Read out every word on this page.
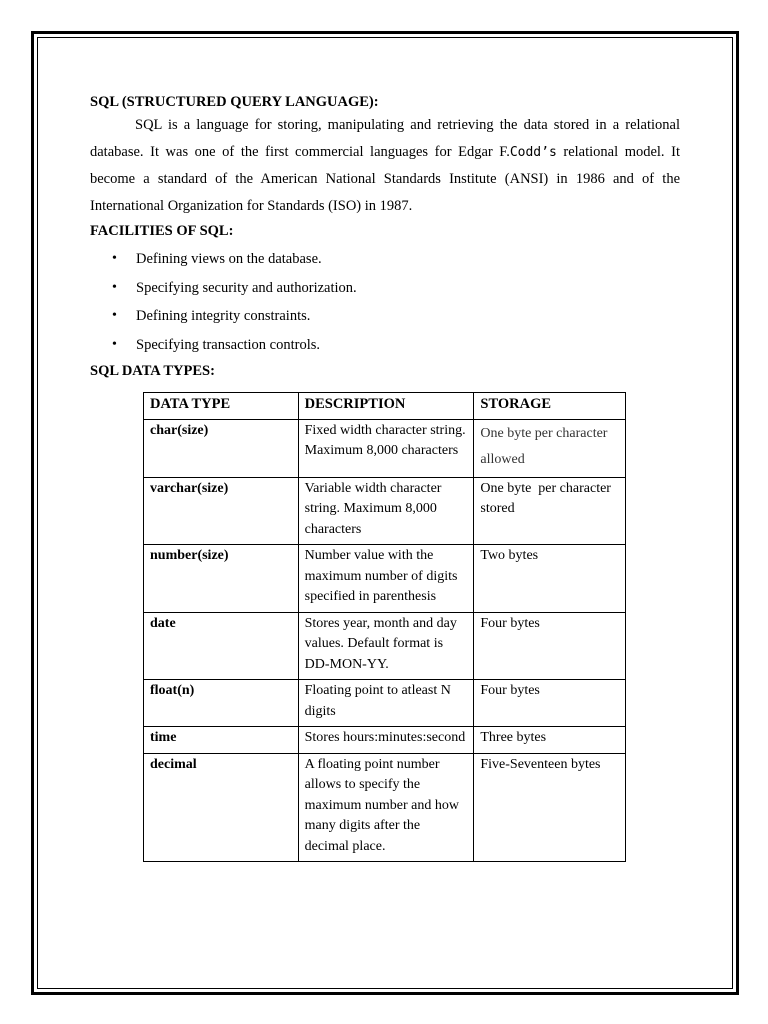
SQL (STRUCTURED QUERY LANGUAGE):

SQL is a language for storing, manipulating and retrieving the data stored in a relational database. It was one of the first commercial languages for Edgar F.Codd’s relational model. It become a standard of the American National Standards Institute (ANSI) in 1986 and of the International Organization for Standards (ISO) in 1987.

FACILITIES OF SQL:

• Defining views on the database.
• Specifying security and authorization.
• Defining integrity constraints.
• Specifying transaction controls.

SQL DATA TYPES:

DATA TYPE	DESCRIPTION	STORAGE
char(size)	Fixed width character string. Maximum 8,000 characters	One byte per character allowed
varchar(size)	Variable width character string. Maximum 8,000 characters	One byte  per character stored
number(size)	Number value with the maximum number of digits specified in parenthesis	Two bytes
date	Stores year, month and day values. Default format is DD-MON-YY.	Four bytes
float(n)	Floating point to atleast N digits	Four bytes
time	Stores hours:minutes:second	Three bytes
decimal	A floating point number allows to specify the maximum number and how many digits after the decimal place.	Five-Seventeen bytes
